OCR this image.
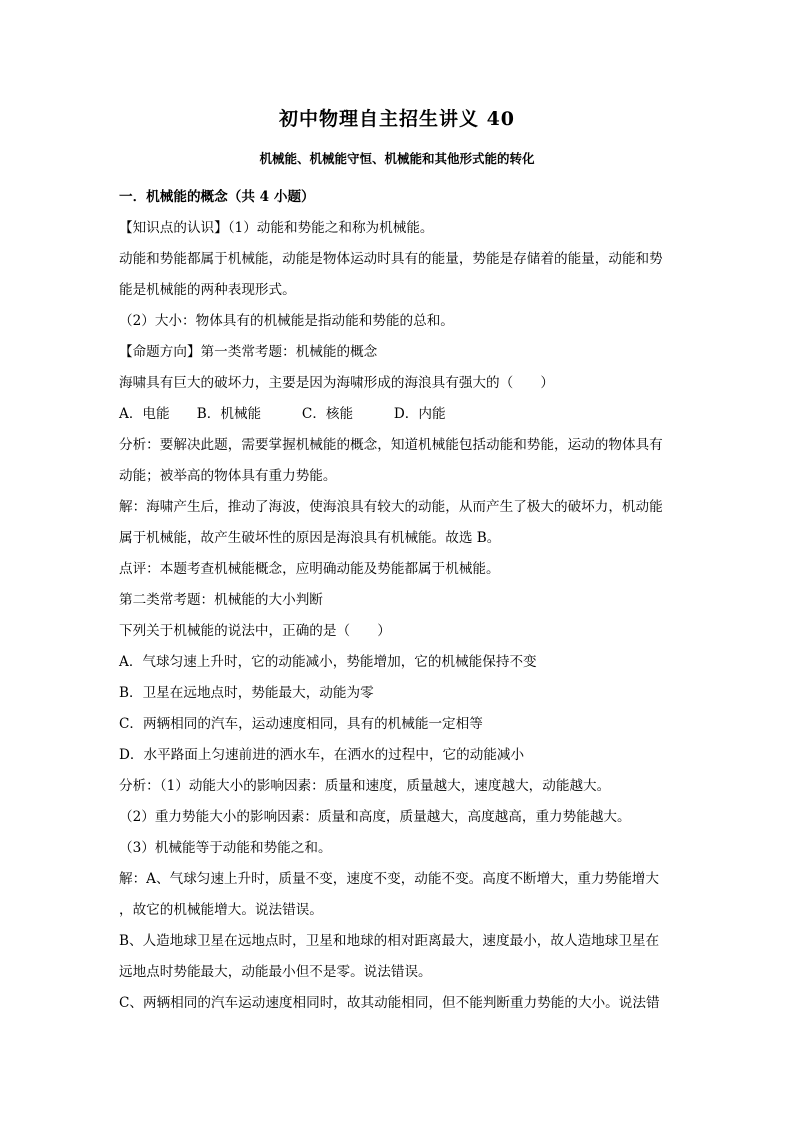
初中物理自主招生讲义 40
机械能、机械能守恒、机械能和其他形式能的转化
一．机械能的概念（共 4 小题）
【知识点的认识】（1）动能和势能之和称为机械能。
动能和势能都属于机械能，动能是物体运动时具有的能量，势能是存储着的能量，动能和势
能是机械能的两种表现形式。
（2）大小：物体具有的机械能是指动能和势能的总和。
【命题方向】第一类常考题：机械能的概念
海啸具有巨大的破坏力，主要是因为海啸形成的海浪具有强大的（　　）
A．电能　　B．机械能　　　C．核能　　　D．内能
分析：要解决此题，需要掌握机械能的概念，知道机械能包括动能和势能，运动的物体具有
动能；被举高的物体具有重力势能。
解：海啸产生后，推动了海波，使海浪具有较大的动能，从而产生了极大的破坏力，机动能
属于机械能，故产生破坏性的原因是海浪具有机械能。故选 B。
点评：本题考查机械能概念，应明确动能及势能都属于机械能。
第二类常考题：机械能的大小判断
下列关于机械能的说法中，正确的是（　　）
A．气球匀速上升时，它的动能减小，势能增加，它的机械能保持不变
B．卫星在远地点时，势能最大，动能为零
C．两辆相同的汽车，运动速度相同，具有的机械能一定相等
D．水平路面上匀速前进的洒水车，在洒水的过程中，它的动能减小
分析：（1）动能大小的影响因素：质量和速度，质量越大，速度越大，动能越大。
（2）重力势能大小的影响因素：质量和高度，质量越大，高度越高，重力势能越大。
（3）机械能等于动能和势能之和。
解：A、气球匀速上升时，质量不变，速度不变，动能不变。高度不断增大，重力势能增大
，故它的机械能增大。说法错误。
B、人造地球卫星在远地点时，卫星和地球的相对距离最大，速度最小，故人造地球卫星在
远地点时势能最大，动能最小但不是零。说法错误。
C、两辆相同的汽车运动速度相同时，故其动能相同，但不能判断重力势能的大小。说法错
